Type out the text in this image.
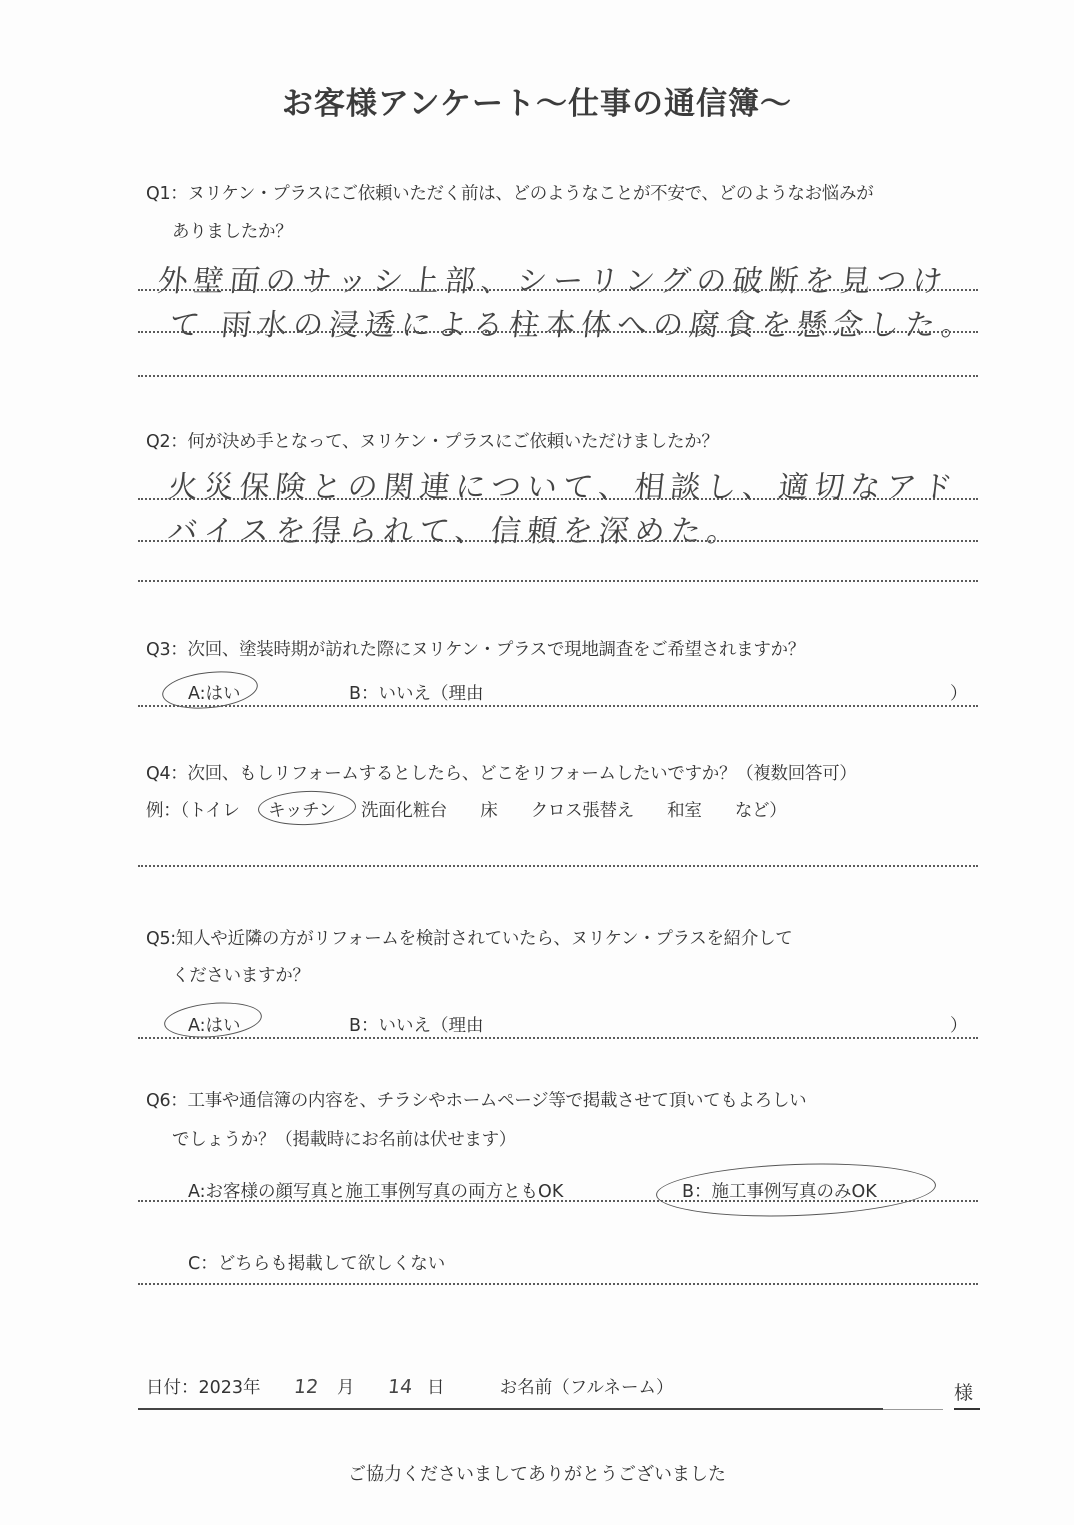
お客様アンケート〜仕事の通信簿〜
Q1：ヌリケン・プラスにご依頼いただく前は、どのようなことが不安で、どのようなお悩みが
ありましたか？
外壁面のサッシ上部、シーリングの破断を見つけ
て 雨水の浸透による柱本体への腐食を懸念した。
Q2：何が決め手となって、ヌリケン・プラスにご依頼いただけましたか？
火災保険との関連について、相談し、適切なアド
バイスを得られて、信頼を深めた。
Q3：次回、塗装時期が訪れた際にヌリケン・プラスで現地調査をご希望されますか？
A:はい	B：いいえ（理由	）
Q4：次回、もしリフォームするとしたら、どこをリフォームしたいですか？（複数回答可）
例：（トイレ キッチン 洗面化粧台 床 クロス張替え 和室 など）
Q5:知人や近隣の方がリフォームを検討されていたら、ヌリケン・プラスを紹介して
くださいますか？
A:はい	B：いいえ（理由	）
Q6：工事や通信簿の内容を、チラシやホームページ等で掲載させて頂いてもよろしい
でしょうか？（掲載時にお名前は伏せます）
A:お客様の顔写真と施工事例写真の両方ともOK	B：施工事例写真のみOK
C：どちらも掲載して欲しくない
日付：2023年 12 月 14 日	お名前（フルネーム）	様
ご協力くださいましてありがとうございました
